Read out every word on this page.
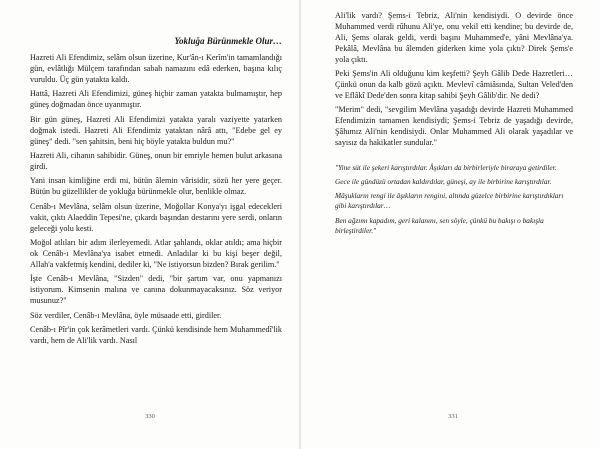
Yokluğa Bürünmekle Olur…

Hazreti Ali Efendimiz, selâm olsun üzerine, Kur'ân-ı Kerîm'in tamamlandığı gün, evlâtlığı Mülçem tarafından sabah namazını edâ ederken, başına kılıç vuruldu. Üç gün yatakta kaldı.

Hattâ, Hazreti Ali Efendimizi, güneş hiçbir zaman yatakta bulmamıştır, hep güneş doğmadan önce uyanmıştır.

Bir gün güneş, Hazreti Ali Efendimizi yatakta yaralı vaziyette yatarken doğmak istedi. Hazreti Ali Efendimiz yataktan nârâ attı, "Edebe gel ey güneş" dedi. "sen şahitsin, beni hiç böyle yatakta buldun mu?"

Hazreti Ali, cihanın sahibidir. Güneş, onun bir emriyle hemen bulut arkasına girdi.

Yani insan kimliğine erdi mi, bütün âlemin vârisidir, sözü her yere geçer. Bütün bu güzellikler de yokluğa bürünmekle olur, benlikle olmaz.

Cenâb-ı Mevlâna, selâm olsun üzerine, Moğollar Konya'yı işgal edecekleri vakit, çıktı Alaeddin Tepesi'ne, çıkardı başından destarını yere serdi, onların geleceği yolu kesti.

Moğol atlıları bir adım ilerleyemedi. Atlar şahlandı, oklar atıldı; ama hiçbir ok Cenâb-ı Mevlâna'ya isabet etmedi. Anladılar ki bu kişi beşer değil, Allah'a vakfetmiş kendini, dediler ki, "Ne istiyorsun bizden? Bırak gerilim."

İşte Cenâb-ı Mevlâna, "Sizden" dedi, "bir şartım var, onu yapmanızı istiyorum. Kimsenin malına ve canına dokunmayacaksınız. Söz veriyor musunuz?"

Söz verdiler, Cenâb-ı Mevlâna, öyle müsaade etti, girdiler.

Cenâb-ı Pîr'in çok kerâmetleri vardı. Çünkü kendisinde hem Muhammedî'lik vardı, hem de Ali'lik vardı. Nasıl

330

Ali'lik vardı? Şems-i Tebriz, Ali'nin kendisiydi. O devirde önce Muhammed verdi rûhunu Ali'ye, onu vekil etti kendine; bu devirde de, Ali, Şems olarak geldi, verdi başını Muhammed'e, yâni Mevlâna'ya. Pekâlâ, Mevlâna bu âlemden giderken kime yola çıktı? Direk Şems'e yola çıktı.

Peki Şems'in Ali olduğunu kim keşfetti? Şeyh Gâlib Dede Hazretleri… Çünkü onun da kalb gözü açıktı. Mevlevî câmiâsında, Sultan Veled'den ve Eflâkî Dede'den sonra kitap sahibi Şeyh Gâlib'dir. Ne dedi?

"Merim" dedi, "sevgilim Mevlâna yaşadığı devirde Hazreti Muhammed Efendimizin tamamen kendisiydi; Şems-i Tebriz de yaşadığı devirde, Şâhımız Ali'nin kendisiydi. Onlar Muhammed Ali olarak yaşadılar ve sayısız da hakikatler sundular."

"Yine süt ile şekeri karıştırdılar. Âşıkları da birbirleriyle biraraya getirdiler.

Gece ile gündüzü ortadan kaldırdılar, güneşi, ay ile birbirine karıştırdılar.

Mâşukların rengi ile âşıkların rengini, altında güzelce birbirine karıştırdıkları gibi karıştırdılar…

Ben ağzımı kapadım, geri kalanını, sen söyle, çünkü bu bakışı o bakışla birleştirdiler."

331
